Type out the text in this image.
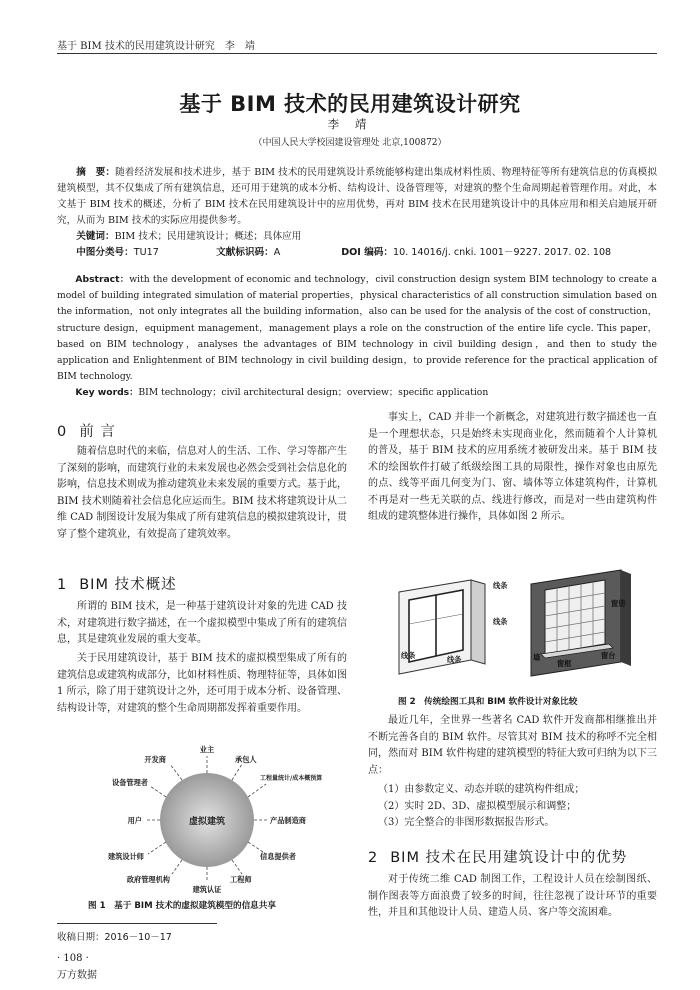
基于 BIM 技术的民用建筑设计研究　李　靖
基于 BIM 技术的民用建筑设计研究
李 靖
（中国人民大学校园建设管理处 北京,100872）
摘　要：随着经济发展和技术进步，基于 BIM 技术的民用建筑设计系统能够构建出集成材料性质、物理特征等所有建筑信息的仿真模拟建筑模型，其不仅集成了所有建筑信息，还可用于建筑的成本分析、结构设计、设备管理等，对建筑的整个生命周期起着管理作用。对此，本文基于 BIM 技术的概述，分析了 BIM 技术在民用建筑设计中的应用优势，再对 BIM 技术在民用建筑设计中的具体应用和相关启迪展开研究，从而为 BIM 技术的实际应用提供参考。
关键词：BIM 技术；民用建筑设计；概述；具体应用
中图分类号：TU17	文献标识码：A	DOI 编码：10. 14016/j. cnki. 1001－9227. 2017. 02. 108
Abstract：with the development of economic and technology，civil construction design system BIM technology to create a model of building integrated simulation of material properties，physical characteristics of all construction simulation based on the information，not only integrates all the building information，also can be used for the analysis of the cost of construction，structure design，equipment management，management plays a role on the construction of the entire life cycle. This paper，based on BIM technology，analyses the advantages of BIM technology in civil building design，and then to study the application and Enlightenment of BIM technology in civil building design，to provide reference for the practical application of BIM technology.
Key words：BIM technology；civil architectural design；overview；specific application
0 前 言
随着信息时代的来临，信息对人的生活、工作、学习等都产生了深刻的影响，而建筑行业的未来发展也必然会受到社会信息化的影响，信息技术则成为推动建筑业未来发展的重要方式。基于此，BIM 技术则随着社会信息化应运而生。BIM 技术将建筑设计从二维 CAD 制图设计发展为集成了所有建筑信息的模拟建筑设计，贯穿了整个建筑业，有效提高了建筑效率。
1 BIM 技术概述
所谓的 BIM 技术，是一种基于建筑设计对象的先进 CAD 技术，对建筑进行数字描述，在一个虚拟模型中集成了所有的建筑信息，其是建筑业发展的重大变革。
关于民用建筑设计，基于 BIM 技术的虚拟模型集成了所有的建筑信息或建筑构成部分，比如材料性质、物理特征等，具体如图 1 所示，除了用于建筑设计之外，还可用于成本分析、设备管理、结构设计等，对建筑的整个生命周期都发挥着重要作用。
虚拟建筑
业主
承包人
工程量统计/成本概预算
产品制造商
信息提供者
工程师
建筑认证
政府管理机构
建筑设计师
用户
设备管理者
开发商
图 1　基于 BIM 技术的虚拟建筑模型的信息共享
收稿日期：2016－10－17
· 108 ·
万方数据
事实上，CAD 并非一个新概念，对建筑进行数字描述也一直是一个理想状态，只是始终未实现商业化，然而随着个人计算机的普及，基于 BIM 技术的应用系统才被研发出来。基于 BIM 技术的绘图软件打破了纸级绘图工具的局限性，操作对象也由原先的点、线等平面几何变为门、窗、墙体等立体建筑构件，计算机不再是对一些无关联的点、线进行修改，而是对一些由建筑构件组成的建筑整体进行操作，具体如图 2 所示。
线条
线条
线条	线条
窗册
墙
窗框
窗台
图 2　传统绘图工具和 BIM 软件设计对象比较
最近几年，全世界一些著名 CAD 软件开发商都相继推出并不断完善各自的 BIM 软件。尽管其对 BIM 技术的称呼不完全相同，然而对 BIM 软件构建的建筑模型的特征大致可归纳为以下三点：
（1）由参数定义、动态并联的建筑构件组成；
（2）实时 2D、3D、虚拟模型展示和调整；
（3）完全整合的非图形数据报告形式。
2 BIM 技术在民用建筑设计中的优势
对于传统二维 CAD 制图工作，工程设计人员在绘制图纸、制作图表等方面浪费了较多的时间，往往忽视了设计环节的重要性，并且和其他设计人员、建造人员、客户等交流困难。
